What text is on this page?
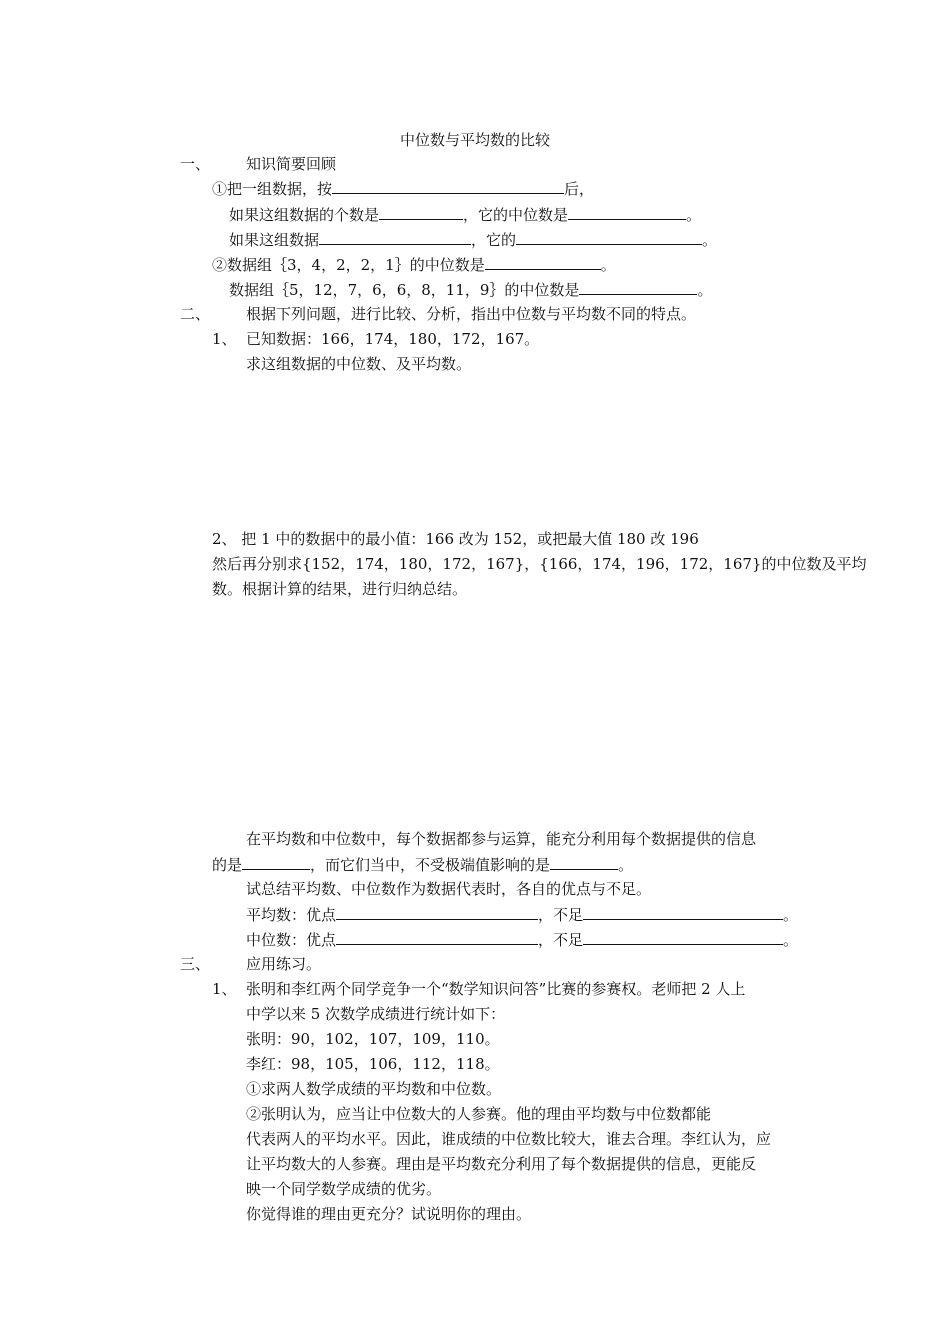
中位数与平均数的比较
一、 知识简要回顾
①把一组数据，按	后，
如果这组数据的个数是	，它的中位数是	。
如果这组数据	，它的	。
②数据组｛3，4，2，2，1｝的中位数是	。
数据组｛5，12，7，6，6，8，11，9｝的中位数是	。
二、 根据下列问题，进行比较、分析，指出中位数与平均数不同的特点。
1、 已知数据：166，174，180，172，167。
求这组数据的中位数、及平均数。
2、 把 1 中的数据中的最小值：166 改为 152，或把最大值 180 改 196
然后再分别求{152，174，180，172，167}，{166，174，196，172，167}的中位数及平均
数。根据计算的结果，进行归纳总结。
在平均数和中位数中，每个数据都参与运算，能充分利用每个数据提供的信息
的是	，而它们当中，不受极端值影响的是	。
试总结平均数、中位数作为数据代表时，各自的优点与不足。
平均数：优点	，不足	。
中位数：优点	，不足	。
三、 应用练习。
1、 张明和李红两个同学竞争一个“数学知识问答”比赛的参赛权。老师把 2 人上
中学以来 5 次数学成绩进行统计如下：
张明：90，102，107，109，110。
李红：98，105，106，112，118。
①求两人数学成绩的平均数和中位数。
②张明认为，应当让中位数大的人参赛。他的理由平均数与中位数都能
代表两人的平均水平。因此，谁成绩的中位数比较大，谁去合理。李红认为，应
让平均数大的人参赛。理由是平均数充分利用了每个数据提供的信息，更能反
映一个同学数学成绩的优劣。
你觉得谁的理由更充分？试说明你的理由。
